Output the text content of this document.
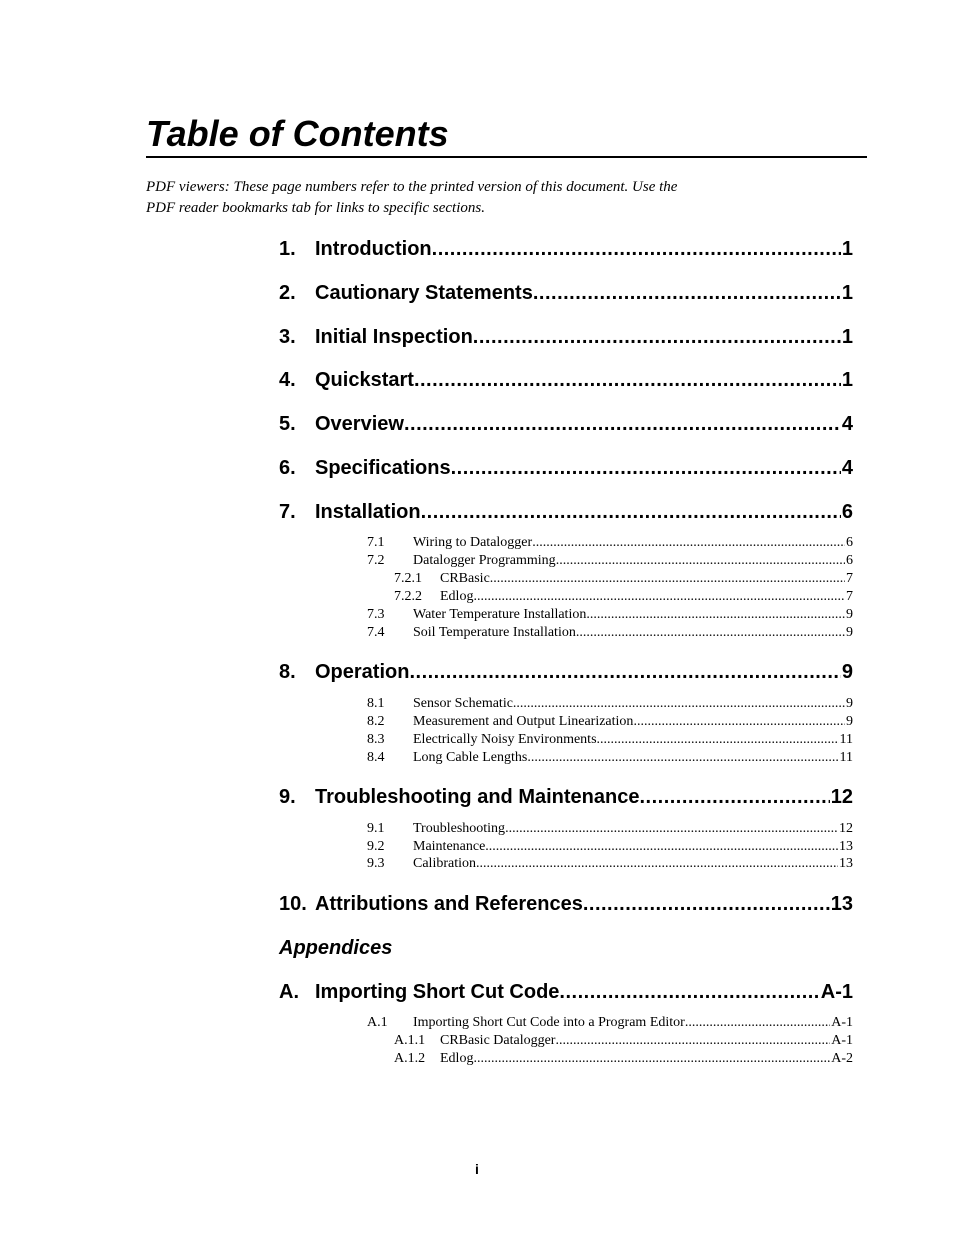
Table of Contents
PDF viewers: These page numbers refer to the printed version of this document. Use the
PDF reader bookmarks tab for links to specific sections.
1. Introduction .....	1
2. Cautionary Statements .....	1
3. Initial Inspection .....	1
4. Quickstart .....	1
5. Overview .....	4
6. Specifications .....	4
7. Installation .....	6
7.1	Wiring to Datalogger .....	6
7.2	Datalogger Programming .....	6
7.2.1	CRBasic .....	7
7.2.2	Edlog .....	7
7.3	Water Temperature Installation .....	9
7.4	Soil Temperature Installation .....	9
8. Operation .....	9
8.1	Sensor Schematic .....	9
8.2	Measurement and Output Linearization .....	9
8.3	Electrically Noisy Environments .....	11
8.4	Long Cable Lengths .....	11
9. Troubleshooting and Maintenance .....	12
9.1	Troubleshooting .....	12
9.2	Maintenance .....	13
9.3	Calibration .....	13
10. Attributions and References .....	13
A. Importing Short Cut Code .....	A-1
A.1	Importing Short Cut Code into a Program Editor .....	A-1
A.1.1	CRBasic Datalogger .....	A-1
A.1.2	Edlog .....	A-2
Appendices
i
